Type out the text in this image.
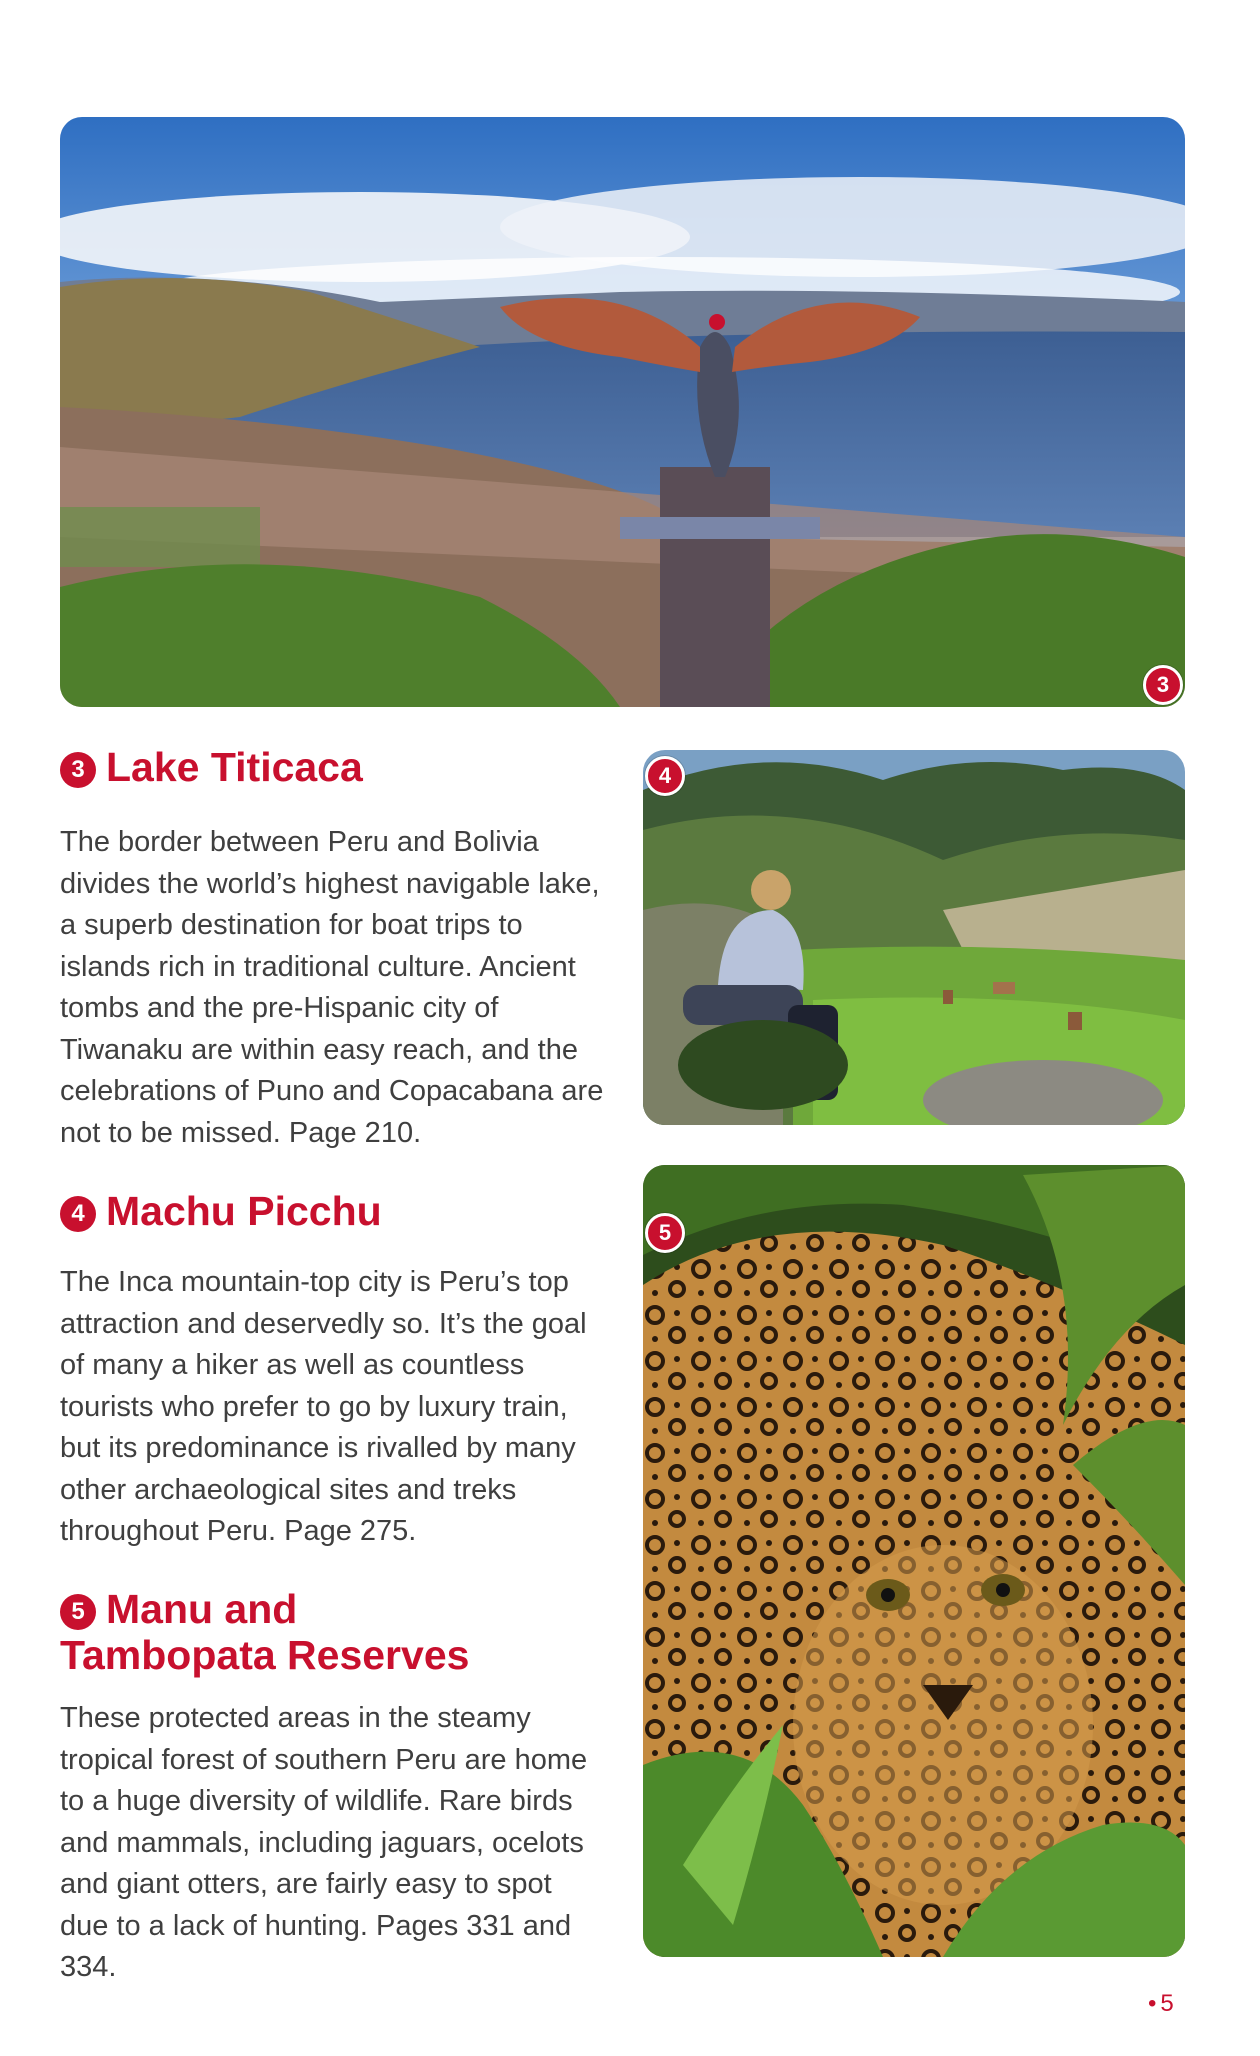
3
3 Lake Titicaca

The border between Peru and Bolivia divides the world’s highest navigable lake, a superb destination for boat trips to islands rich in traditional culture. Ancient tombs and the pre-Hispanic city of Tiwanaku are within easy reach, and the celebrations of Puno and Copacabana are not to be missed. Page 210.

4
4 Machu Picchu

The Inca mountain-top city is Peru’s top attraction and deservedly so. It’s the goal of many a hiker as well as countless tourists who prefer to go by luxury train, but its predominance is rivalled by many other archaeological sites and treks throughout Peru. Page 275.

5
5 Manu and
Tambopata Reserves

These protected areas in the steamy tropical forest of southern Peru are home to a huge diversity of wildlife. Rare birds and mammals, including jaguars, ocelots and giant otters, are fairly easy to spot due to a lack of hunting. Pages 331 and 334.

• 5
